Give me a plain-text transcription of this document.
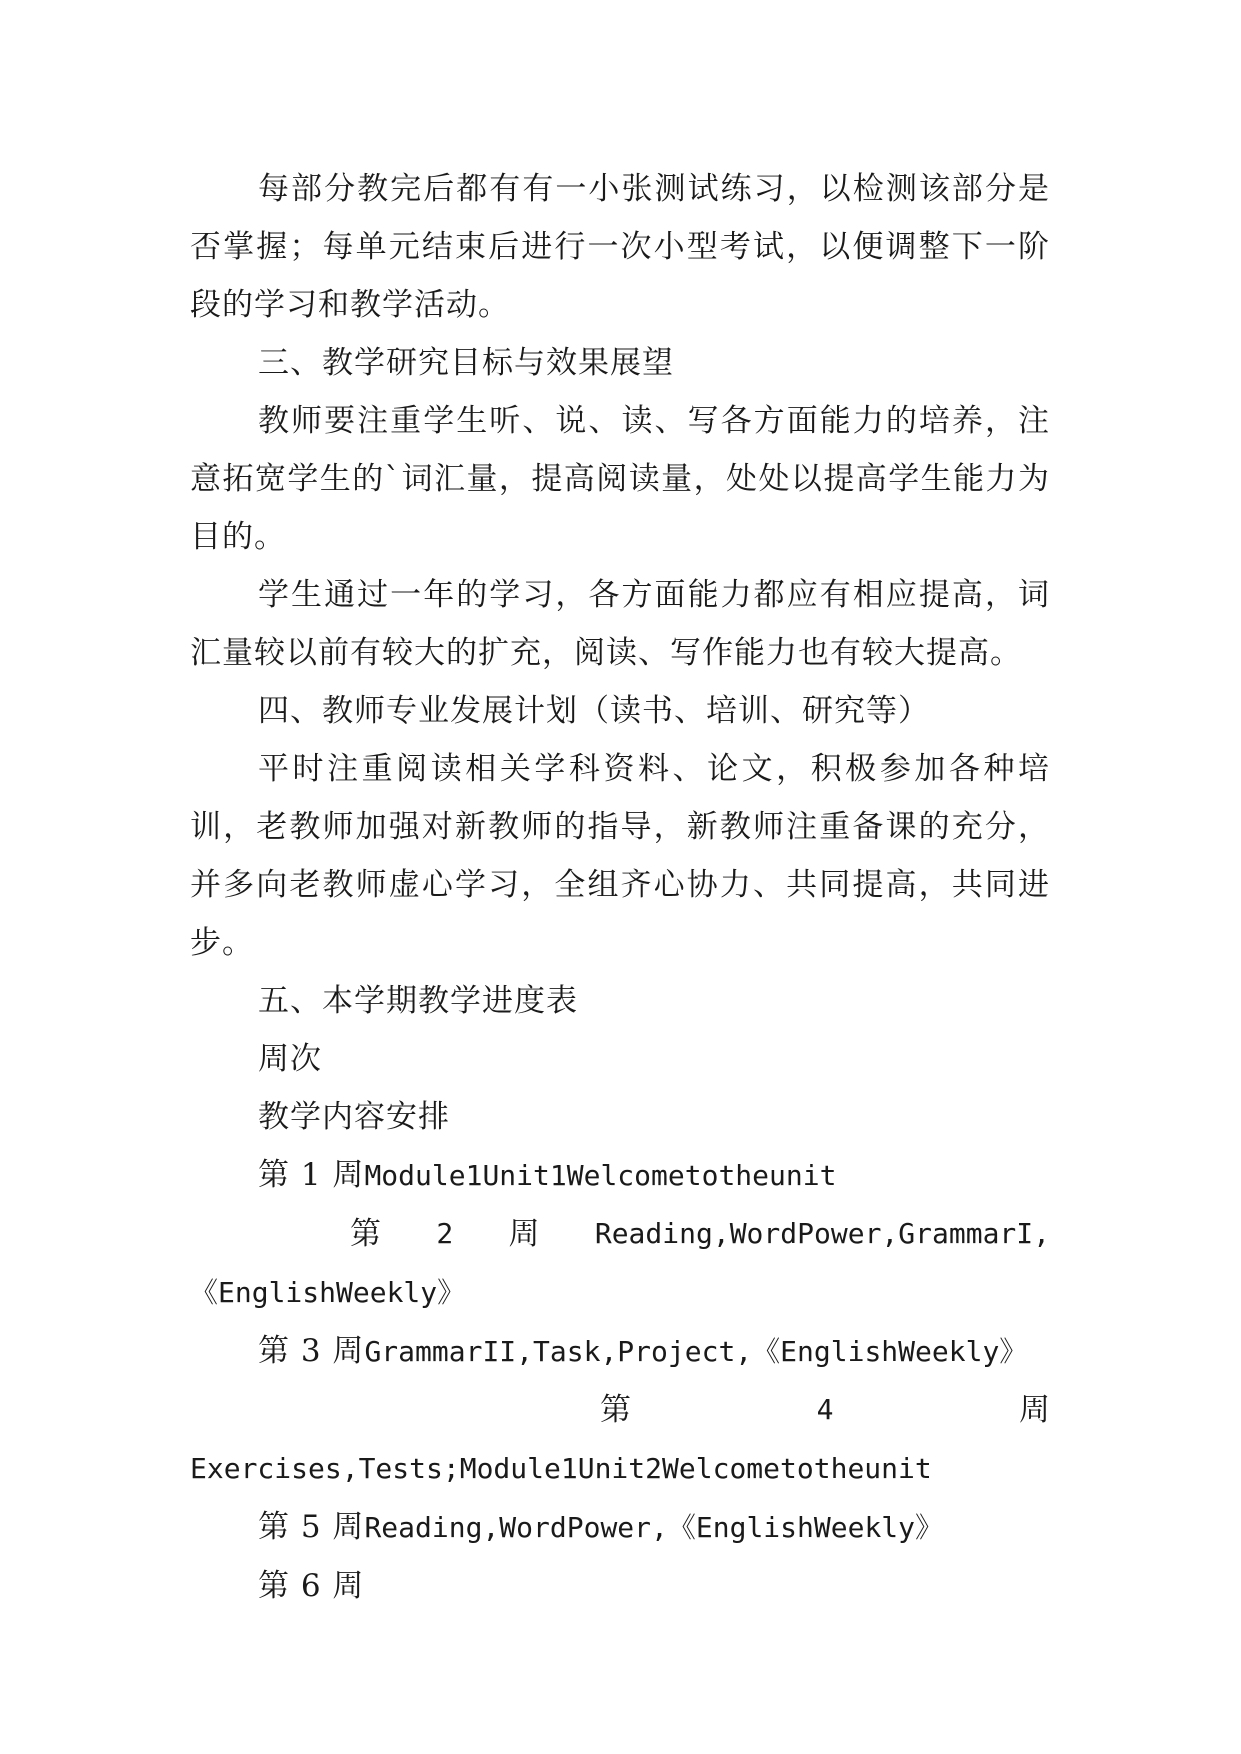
每部分教完后都有有一小张测试练习，以检测该部分是否掌握；每单元结束后进行一次小型考试，以便调整下一阶段的学习和教学活动。

三、教学研究目标与效果展望

教师要注重学生听、说、读、写各方面能力的培养，注意拓宽学生的`词汇量，提高阅读量，处处以提高学生能力为目的。

学生通过一年的学习，各方面能力都应有相应提高，词汇量较以前有较大的扩充，阅读、写作能力也有较大提高。

四、教师专业发展计划（读书、培训、研究等）

平时注重阅读相关学科资料、论文，积极参加各种培训，老教师加强对新教师的指导，新教师注重备课的充分，并多向老教师虚心学习，全组齐心协力、共同提高，共同进步。

五、本学期教学进度表

周次

教学内容安排

第 1 周Module1Unit1Welcometotheunit

第 2 周 Reading,WordPower,GrammarI,

《EnglishWeekly》

第 3 周GrammarII,Task,Project,《EnglishWeekly》

第	4	周

Exercises,Tests;Module1Unit2Welcometotheunit

第 5 周Reading,WordPower,《EnglishWeekly》

第 6 周
